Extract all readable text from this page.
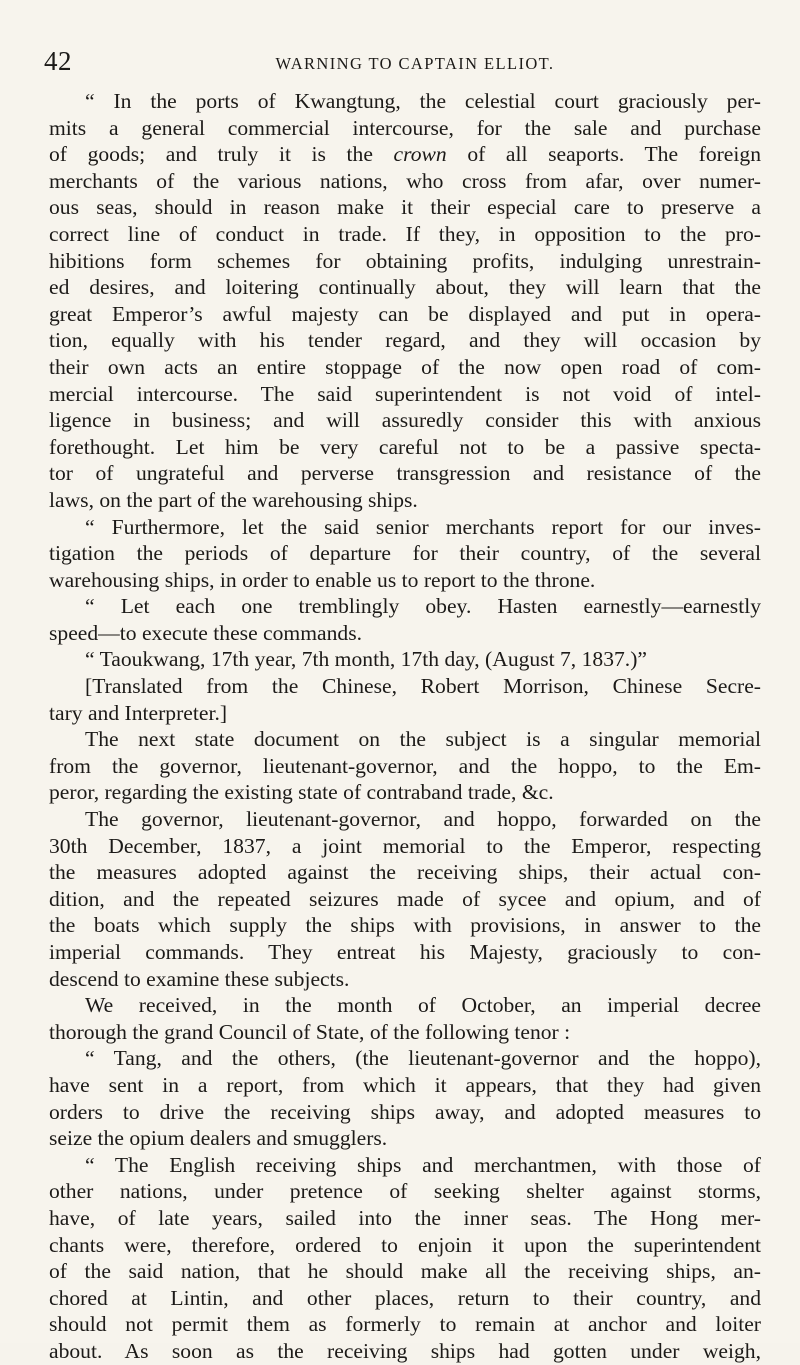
42	WARNING TO CAPTAIN ELLIOT.
“ In the ports of Kwangtung, the celestial court graciously per-
mits a general commercial intercourse, for the sale and purchase
of goods; and truly it is the crown of all seaports. The foreign
merchants of the various nations, who cross from afar, over numer-
ous seas, should in reason make it their especial care to preserve a
correct line of conduct in trade. If they, in opposition to the pro-
hibitions form schemes for obtaining profits, indulging unrestrain-
ed desires, and loitering continually about, they will learn that the
great Emperor’s awful majesty can be displayed and put in opera-
tion, equally with his tender regard, and they will occasion by
their own acts an entire stoppage of the now open road of com-
mercial intercourse. The said superintendent is not void of intel-
ligence in business; and will assuredly consider this with anxious
forethought. Let him be very careful not to be a passive specta-
tor of ungrateful and perverse transgression and resistance of the
laws, on the part of the warehousing ships.
“ Furthermore, let the said senior merchants report for our inves-
tigation the periods of departure for their country, of the several
warehousing ships, in order to enable us to report to the throne.
“ Let each one tremblingly obey. Hasten earnestly—earnestly
speed—to execute these commands.
“ Taoukwang, 17th year, 7th month, 17th day, (August 7, 1837.)”
[Translated from the Chinese, Robert Morrison, Chinese Secre-
tary and Interpreter.]
The next state document on the subject is a singular memorial
from the governor, lieutenant-governor, and the hoppo, to the Em-
peror, regarding the existing state of contraband trade, &c.
The governor, lieutenant-governor, and hoppo, forwarded on the
30th December, 1837, a joint memorial to the Emperor, respecting
the measures adopted against the receiving ships, their actual con-
dition, and the repeated seizures made of sycee and opium, and of
the boats which supply the ships with provisions, in answer to the
imperial commands. They entreat his Majesty, graciously to con-
descend to examine these subjects.
We received, in the month of October, an imperial decree
thorough the grand Council of State, of the following tenor :
“ Tang, and the others, (the lieutenant-governor and the hoppo),
have sent in a report, from which it appears, that they had given
orders to drive the receiving ships away, and adopted measures to
seize the opium dealers and smugglers.
“ The English receiving ships and merchantmen, with those of
other nations, under pretence of seeking shelter against storms,
have, of late years, sailed into the inner seas. The Hong mer-
chants were, therefore, ordered to enjoin it upon the superintendent
of the said nation, that he should make all the receiving ships, an-
chored at Lintin, and other places, return to their country, and
should not permit them as formerly to remain at anchor and loiter
about. As soon as the receiving ships had gotten under weigh,
